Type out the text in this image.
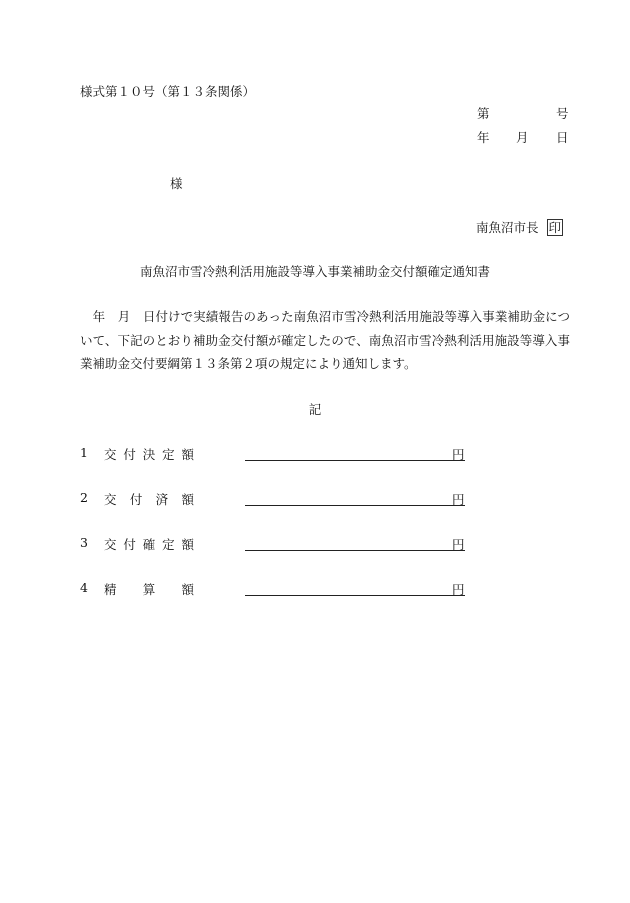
様式第１０号（第１３条関係）
第	号
年 月 日
様
南魚沼市長 印
南魚沼市雪冷熱利活用施設等導入事業補助金交付額確定通知書
　年　月　日付けで実績報告のあった南魚沼市雪冷熱利活用施設等導入事業補助金について、下記のとおり補助金交付額が確定したので、南魚沼市雪冷熱利活用施設等導入事業補助金交付要綱第１３条第２項の規定により通知します。
記
1 交 付 決 定 額	円
2 交 付 済 額	円
3 交 付 確 定 額	円
4 精 算 額	円
